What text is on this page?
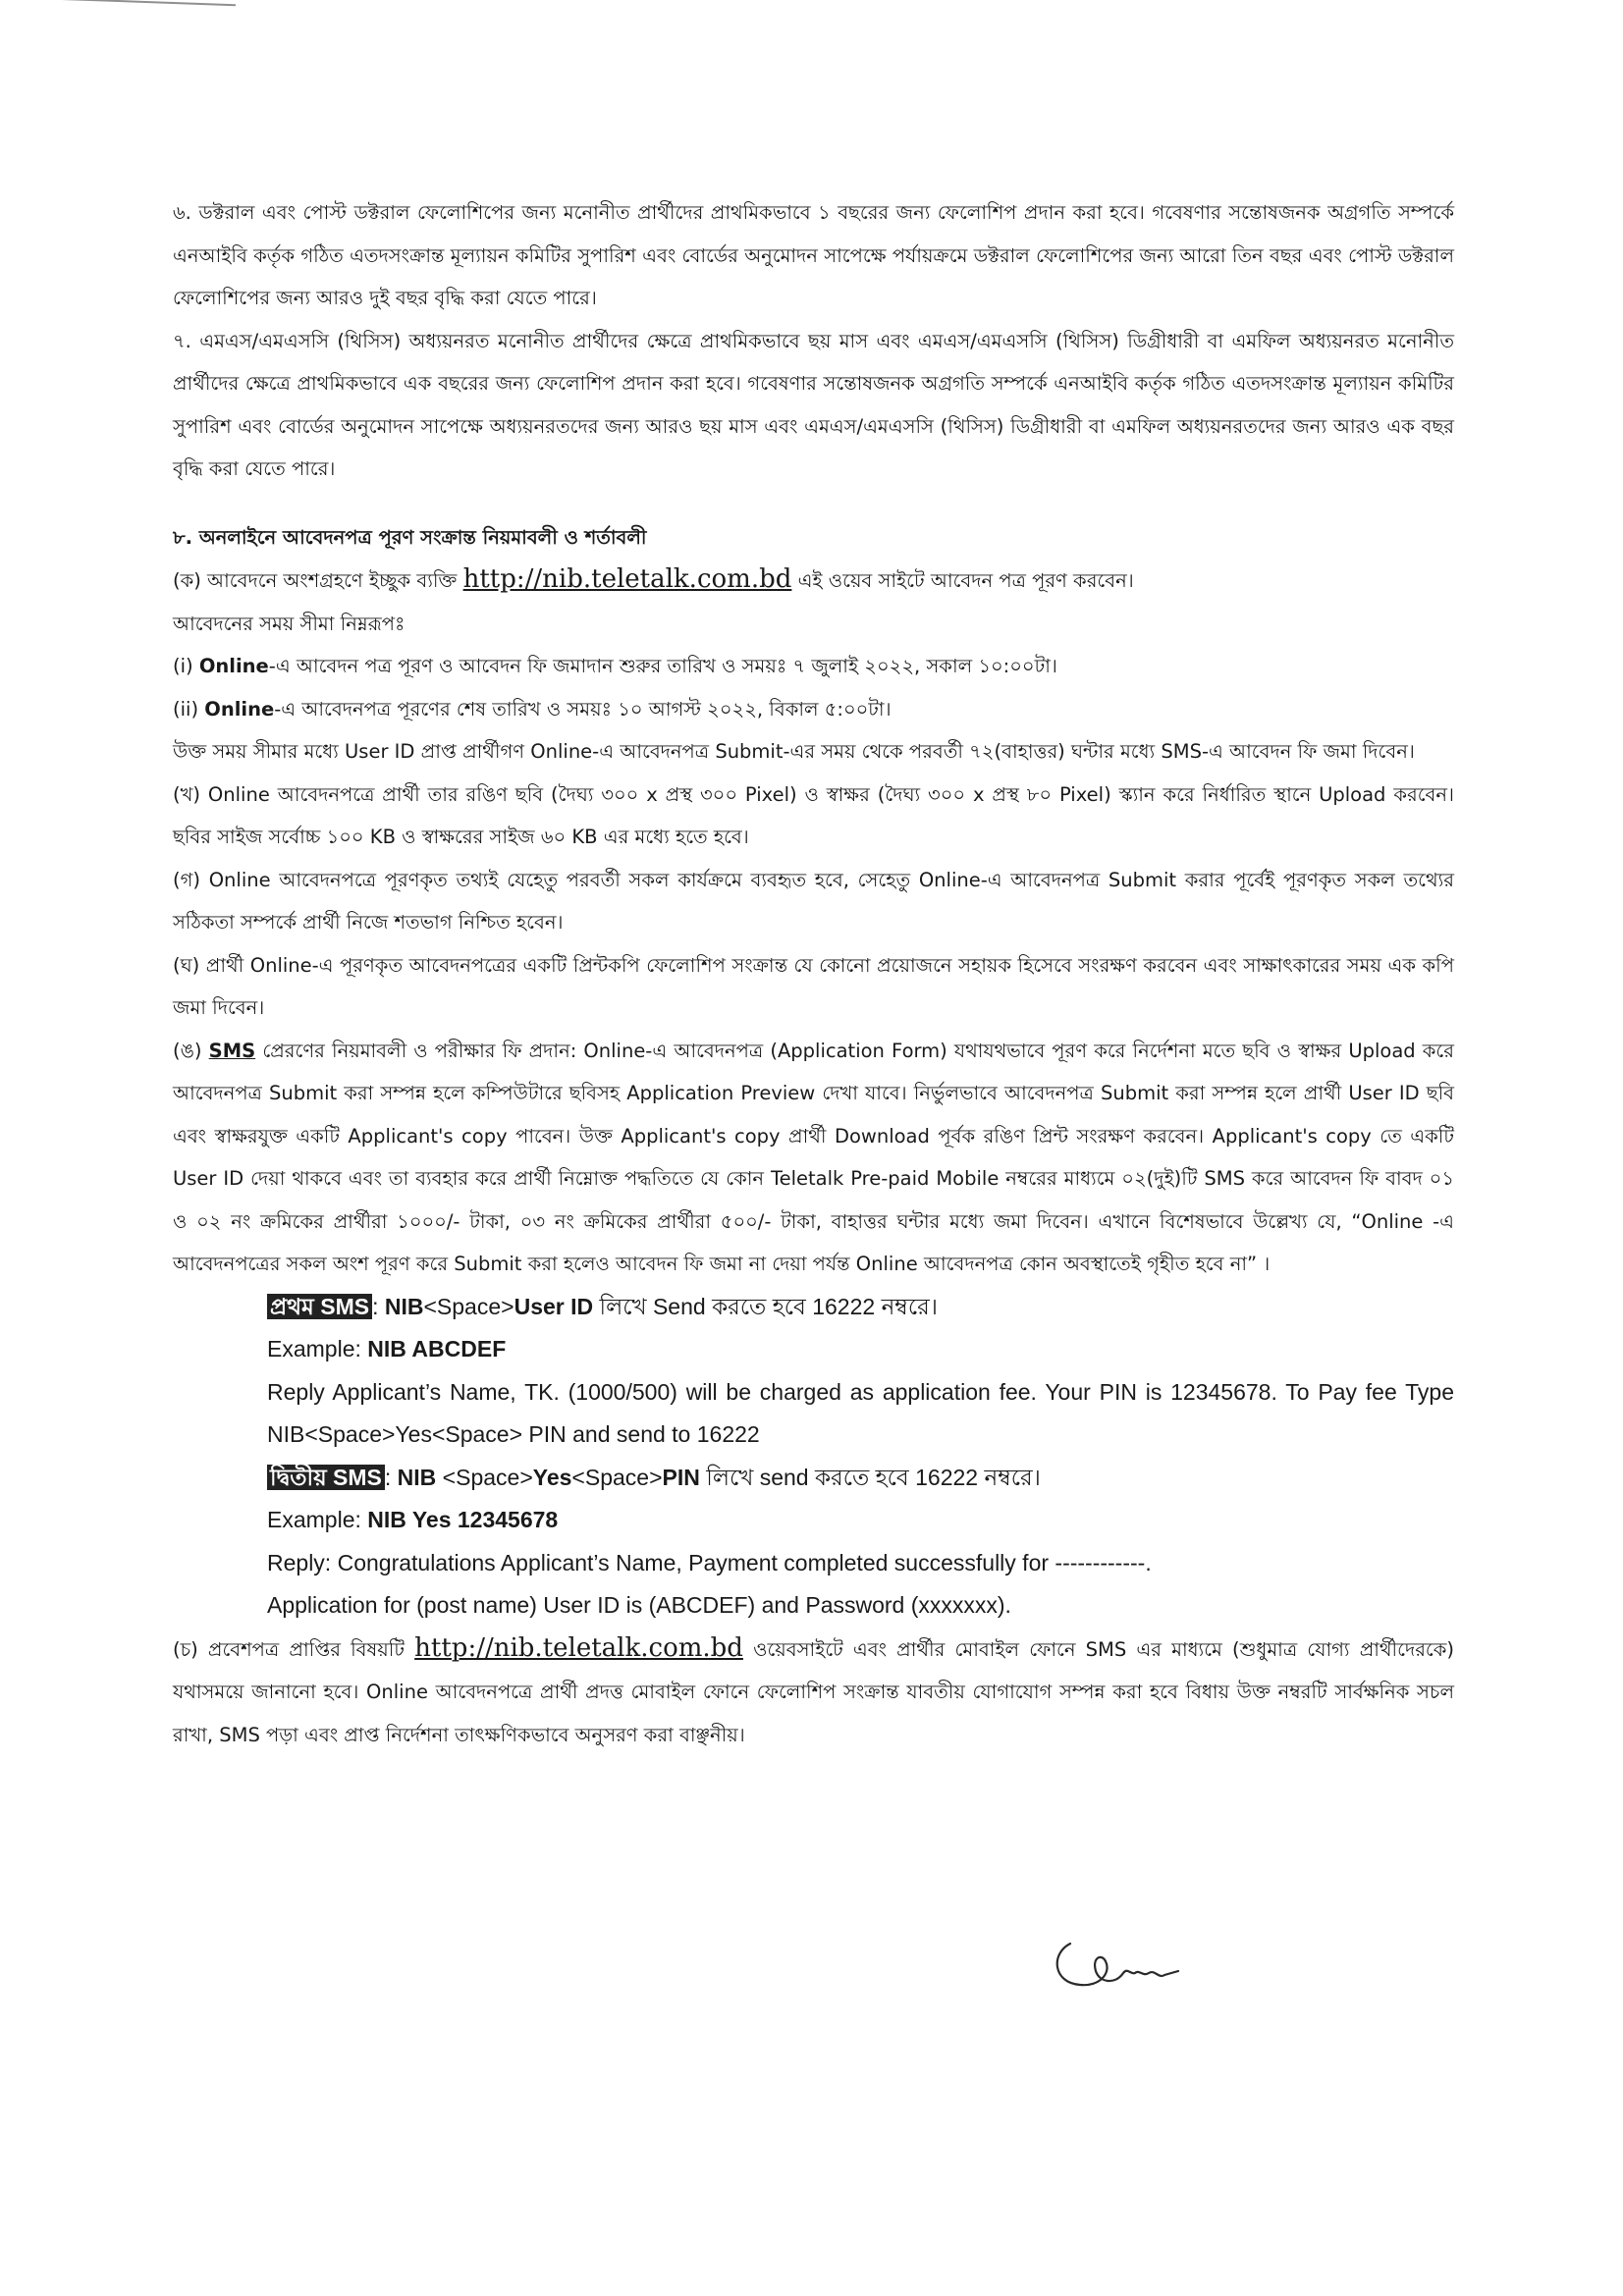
৬. ডক্টরাল এবং পোস্ট ডক্টরাল ফেলোশিপের জন্য মনোনীত প্রার্থীদের প্রাথমিকভাবে ১ বছরের জন্য ফেলোশিপ প্রদান করা হবে। গবেষণার সন্তোষজনক অগ্রগতি সম্পর্কে এনআইবি কর্তৃক গঠিত এতদসংক্রান্ত মূল্যায়ন কমিটির সুপারিশ এবং বোর্ডের অনুমোদন সাপেক্ষে পর্যায়ক্রমে ডক্টরাল ফেলোশিপের জন্য আরো তিন বছর এবং পোস্ট ডক্টরাল ফেলোশিপের জন্য আরও দুই বছর বৃদ্ধি করা যেতে পারে।

৭. এমএস/এমএসসি (থিসিস) অধ্যয়নরত মনোনীত প্রার্থীদের ক্ষেত্রে প্রাথমিকভাবে ছয় মাস এবং এমএস/এমএসসি (থিসিস) ডিগ্রীধারী বা এমফিল অধ্যয়নরত মনোনীত প্রার্থীদের ক্ষেত্রে প্রাথমিকভাবে এক বছরের জন্য ফেলোশিপ প্রদান করা হবে। গবেষণার সন্তোষজনক অগ্রগতি সম্পর্কে এনআইবি কর্তৃক গঠিত এতদসংক্রান্ত মূল্যায়ন কমিটির সুপারিশ এবং বোর্ডের অনুমোদন সাপেক্ষে অধ্যয়নরতদের জন্য আরও ছয় মাস এবং এমএস/এমএসসি (থিসিস) ডিগ্রীধারী বা এমফিল অধ্যয়নরতদের জন্য আরও এক বছর বৃদ্ধি করা যেতে পারে।

৮. অনলাইনে আবেদনপত্র পূরণ সংক্রান্ত নিয়মাবলী ও শর্তাবলী

(ক) আবেদনে অংশগ্রহণে ইচ্ছুক ব্যক্তি http://nib.teletalk.com.bd এই ওয়েব সাইটে আবেদন পত্র পূরণ করবেন।

আবেদনের সময় সীমা নিম্নরূপঃ

(i) Online-এ আবেদন পত্র পূরণ ও আবেদন ফি জমাদান শুরুর তারিখ ও সময়ঃ ৭ জুলাই ২০২২, সকাল ১০:০০টা।

(ii) Online-এ আবেদনপত্র পূরণের শেষ তারিখ ও সময়ঃ ১০ আগস্ট ২০২২, বিকাল ৫:০০টা।

উক্ত সময় সীমার মধ্যে User ID প্রাপ্ত প্রার্থীগণ Online-এ আবেদনপত্র Submit-এর সময় থেকে পরবর্তী ৭২(বাহাত্তর) ঘন্টার মধ্যে SMS-এ আবেদন ফি জমা দিবেন।

(খ) Online আবেদনপত্রে প্রার্থী তার রঙিণ ছবি (দৈঘ্য ৩০০ x প্রস্থ ৩০০ Pixel) ও স্বাক্ষর (দৈঘ্য ৩০০ x প্রস্থ ৮০ Pixel) স্ক্যান করে নির্ধারিত স্থানে Upload করবেন। ছবির সাইজ সর্বোচ্চ ১০০ KB ও স্বাক্ষরের সাইজ ৬০ KB এর মধ্যে হতে হবে।

(গ) Online আবেদনপত্রে পূরণকৃত তথ্যই যেহেতু পরবর্তী সকল কার্যক্রমে ব্যবহৃত হবে, সেহেতু Online-এ আবেদনপত্র Submit করার পূর্বেই পূরণকৃত সকল তথ্যের সঠিকতা সম্পর্কে প্রার্থী নিজে শতভাগ নিশ্চিত হবেন।

(ঘ) প্রার্থী Online-এ পূরণকৃত আবেদনপত্রের একটি প্রিন্টকপি ফেলোশিপ সংক্রান্ত যে কোনো প্রয়োজনে সহায়ক হিসেবে সংরক্ষণ করবেন এবং সাক্ষাৎকারের সময় এক কপি জমা দিবেন।

(ঙ) SMS প্রেরণের নিয়মাবলী ও পরীক্ষার ফি প্রদান: Online-এ আবেদনপত্র (Application Form) যথাযথভাবে পূরণ করে নির্দেশনা মতে ছবি ও স্বাক্ষর Upload করে আবেদনপত্র Submit করা সম্পন্ন হলে কম্পিউটারে ছবিসহ Application Preview দেখা যাবে। নির্ভুলভাবে আবেদনপত্র Submit করা সম্পন্ন হলে প্রার্থী User ID ছবি এবং স্বাক্ষরযুক্ত একটি Applicant's copy পাবেন। উক্ত Applicant's copy প্রার্থী Download পূর্বক রঙিণ প্রিন্ট সংরক্ষণ করবেন। Applicant's copy তে একটি User ID দেয়া থাকবে এবং তা ব্যবহার করে প্রার্থী নিম্নোক্ত পদ্ধতিতে যে কোন Teletalk Pre-paid Mobile নম্বরের মাধ্যমে ০২(দুই)টি SMS করে আবেদন ফি বাবদ ০১ ও ০২ নং ক্রমিকের প্রার্থীরা ১০০০/- টাকা, ০৩ নং ক্রমিকের প্রার্থীরা ৫০০/- টাকা, বাহাত্তর ঘন্টার মধ্যে জমা দিবেন। এখানে বিশেষভাবে উল্লেখ্য যে, “Online -এ আবেদনপত্রের সকল অংশ পূরণ করে Submit করা হলেও আবেদন ফি জমা না দেয়া পর্যন্ত Online আবেদনপত্র কোন অবস্থাতেই গৃহীত হবে না” ।

প্রথম SMS : NIB<Space>User ID লিখে Send করতে হবে 16222 নম্বরে।

Example: NIB ABCDEF

Reply Applicant’s Name, TK. (1000/500) will be charged as application fee. Your PIN is 12345678. To Pay fee Type NIB<Space>Yes<Space> PIN and send to 16222

দ্বিতীয় SMS : NIB <Space>Yes<Space>PIN লিখে send করতে হবে 16222 নম্বরে।

Example: NIB Yes 12345678

Reply: Congratulations Applicant’s Name, Payment completed successfully for ------------.

Application for (post name) User ID is (ABCDEF) and Password (xxxxxxx).

(চ) প্রবেশপত্র প্রাপ্তির বিষয়টি http://nib.teletalk.com.bd ওয়েবসাইটে এবং প্রার্থীর মোবাইল ফোনে SMS এর মাধ্যমে (শুধুমাত্র যোগ্য প্রার্থীদেরকে) যথাসময়ে জানানো হবে। Online আবেদনপত্রে প্রার্থী প্রদত্ত মোবাইল ফোনে ফেলোশিপ সংক্রান্ত যাবতীয় যোগাযোগ সম্পন্ন করা হবে বিধায় উক্ত নম্বরটি সার্বক্ষনিক সচল রাখা, SMS পড়া এবং প্রাপ্ত নির্দেশনা তাৎক্ষণিকভাবে অনুসরণ করা বাঞ্ছনীয়।
